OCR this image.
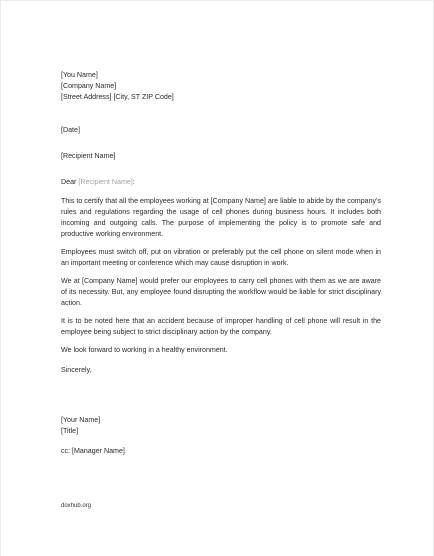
[You Name]
[Company Name]
[Street Address] [City, ST ZIP Code]
[Date]
[Recipient Name]
Dear [Recipient Name]:

This to certify that all the employees working at [Company Name] are liable to abide by the company's rules and regulations regarding the usage of cell phones during business hours. It includes both incoming and outgoing calls. The purpose of implementing the policy is to promote safe and productive working environment.

Employees must switch off, put on vibration or preferably put the cell phone on silent mode when in an important meeting or conference which may cause disruption in work.

We at [Company Name] would prefer our employees to carry cell phones with them as we are aware of its necessity. But, any employee found disrupting the workflow would be liable for strict disciplinary action.

It is to be noted here that an accident because of improper handling of cell phone will result in the employee being subject to strict disciplinary action by the company.

We look forward to working in a healthy environment.

Sincerely,
[Your Name]
[Title]
cc: [Manager Name]
doxhub.org
